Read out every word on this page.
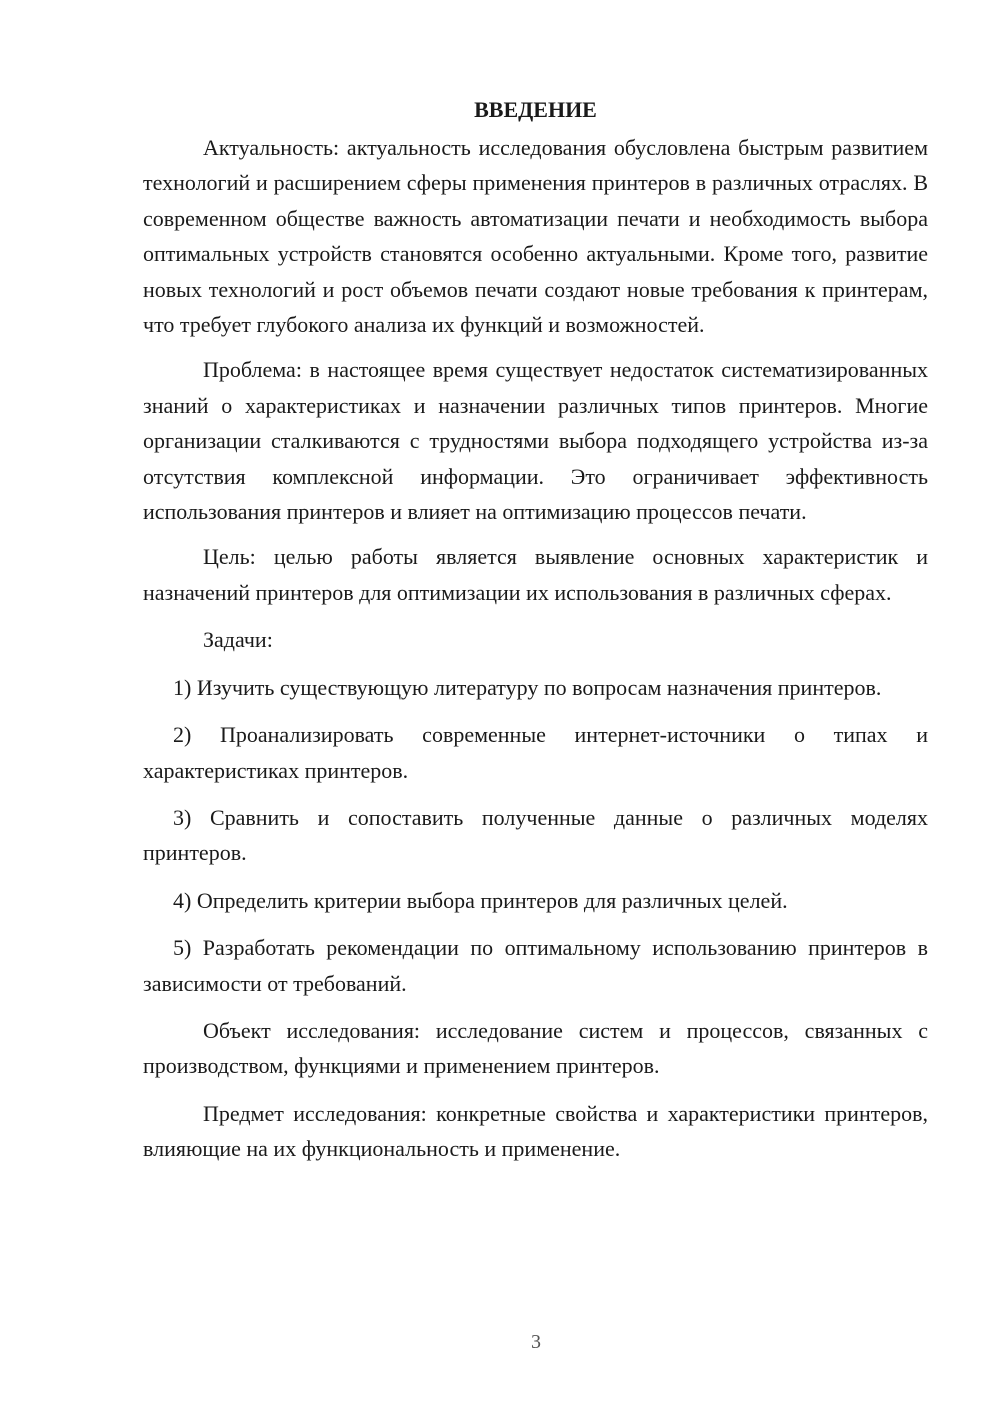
ВВЕДЕНИЕ

Актуальность: актуальность исследования обусловлена быстрым развитием технологий и расширением сферы применения принтеров в различных отраслях. В современном обществе важность автоматизации печати и необходимость выбора оптимальных устройств становятся особенно актуальными. Кроме того, развитие новых технологий и рост объемов печати создают новые требования к принтерам, что требует глубокого анализа их функций и возможностей.

Проблема: в настоящее время существует недостаток систематизированных знаний о характеристиках и назначении различных типов принтеров. Многие организации сталкиваются с трудностями выбора подходящего устройства из-за отсутствия комплексной информации. Это ограничивает эффективность использования принтеров и влияет на оптимизацию процессов печати.

Цель: целью работы является выявление основных характеристик и назначений принтеров для оптимизации их использования в различных сферах.

Задачи:

1) Изучить существующую литературу по вопросам назначения принтеров.

2) Проанализировать современные интернет-источники о типах и характеристиках принтеров.

3) Сравнить и сопоставить полученные данные о различных моделях принтеров.

4) Определить критерии выбора принтеров для различных целей.

5) Разработать рекомендации по оптимальному использованию принтеров в зависимости от требований.

Объект исследования: исследование систем и процессов, связанных с производством, функциями и применением принтеров.

Предмет исследования: конкретные свойства и характеристики принтеров, влияющие на их функциональность и применение.

3
